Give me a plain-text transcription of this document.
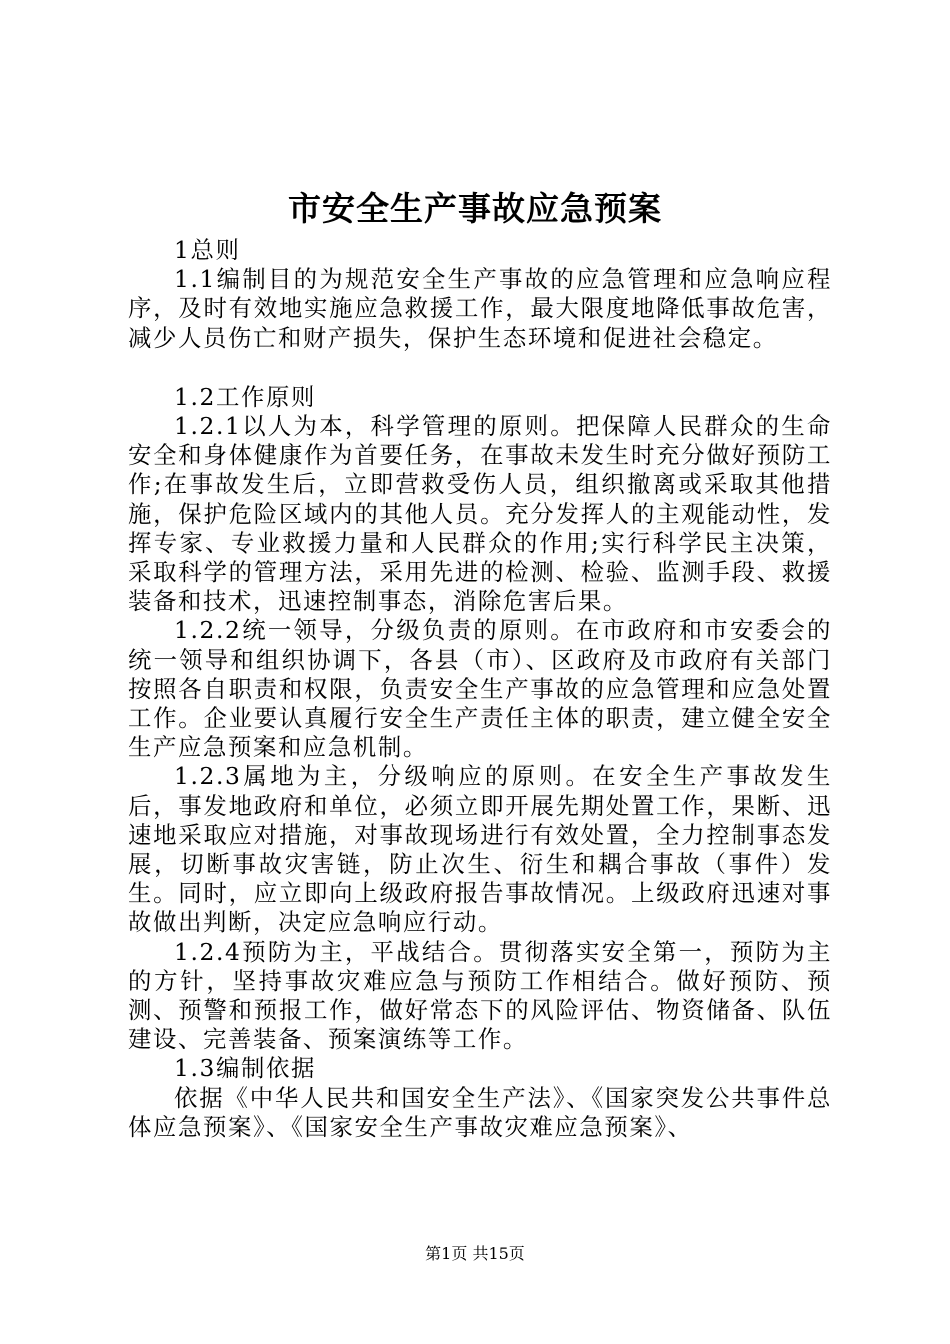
市安全生产事故应急预案

1总则

1.1编制目的为规范安全生产事故的应急管理和应急响应程序，及时有效地实施应急救援工作，最大限度地降低事故危害，减少人员伤亡和财产损失，保护生态环境和促进社会稳定。

1.2工作原则

1.2.1以人为本，科学管理的原则。把保障人民群众的生命安全和身体健康作为首要任务，在事故未发生时充分做好预防工作;在事故发生后，立即营救受伤人员，组织撤离或采取其他措施，保护危险区域内的其他人员。充分发挥人的主观能动性，发挥专家、专业救援力量和人民群众的作用;实行科学民主决策，采取科学的管理方法，采用先进的检测、检验、监测手段、救援装备和技术，迅速控制事态，消除危害后果。

1.2.2统一领导，分级负责的原则。在市政府和市安委会的统一领导和组织协调下，各县（市）、区政府及市政府有关部门按照各自职责和权限，负责安全生产事故的应急管理和应急处置工作。企业要认真履行安全生产责任主体的职责，建立健全安全生产应急预案和应急机制。

1.2.3属地为主，分级响应的原则。在安全生产事故发生后，事发地政府和单位，必须立即开展先期处置工作，果断、迅速地采取应对措施，对事故现场进行有效处置，全力控制事态发展，切断事故灾害链，防止次生、衍生和耦合事故（事件）发生。同时，应立即向上级政府报告事故情况。上级政府迅速对事故做出判断，决定应急响应行动。

1.2.4预防为主，平战结合。贯彻落实安全第一，预防为主的方针，坚持事故灾难应急与预防工作相结合。做好预防、预测、预警和预报工作，做好常态下的风险评估、物资储备、队伍建设、完善装备、预案演练等工作。

1.3编制依据

依据《中华人民共和国安全生产法》、《国家突发公共事件总体应急预案》、《国家安全生产事故灾难应急预案》、

第1页 共15页
